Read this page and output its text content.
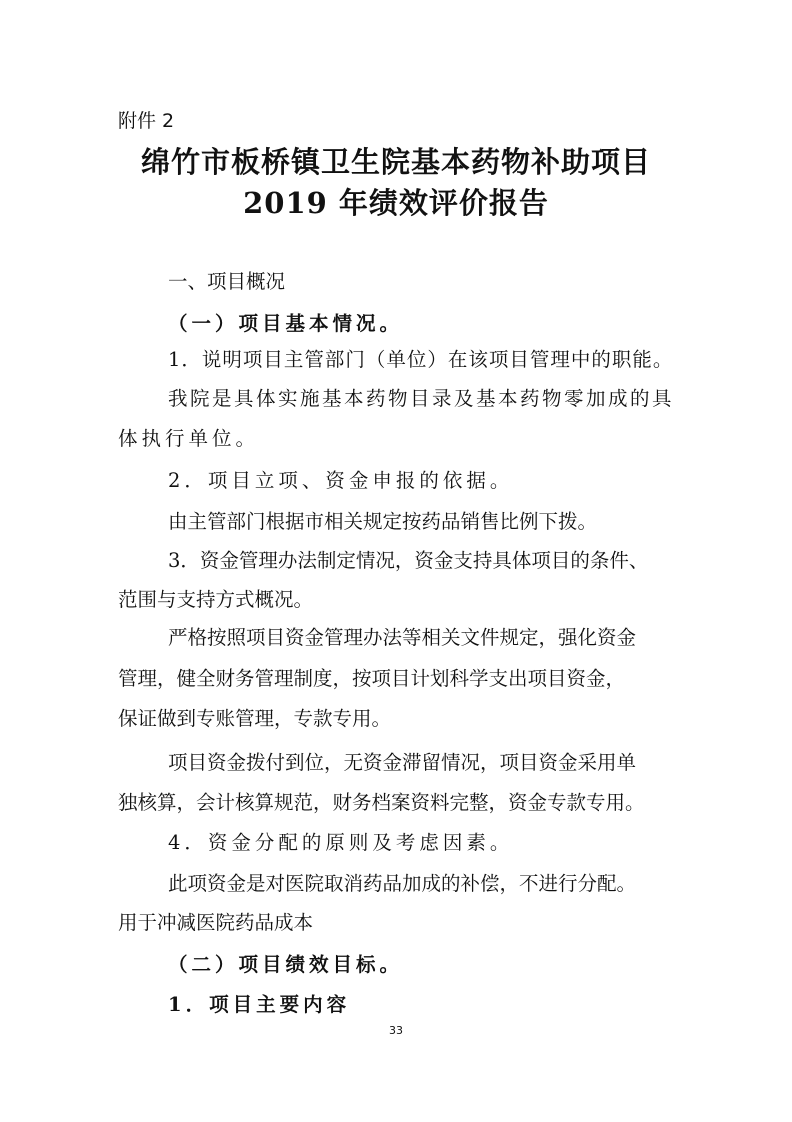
附件 2
绵竹市板桥镇卫生院基本药物补助项目
2019 年绩效评价报告
一、项目概况
（一）项目基本情况。
1．说明项目主管部门（单位）在该项目管理中的职能。
我院是具体实施基本药物目录及基本药物零加成的具
体执行单位。
2．项目立项、资金申报的依据。
由主管部门根据市相关规定按药品销售比例下拨。
3．资金管理办法制定情况，资金支持具体项目的条件、
范围与支持方式概况。
严格按照项目资金管理办法等相关文件规定，强化资金
管理，健全财务管理制度，按项目计划科学支出项目资金，
保证做到专账管理，专款专用。
项目资金拨付到位，无资金滞留情况，项目资金采用单
独核算，会计核算规范，财务档案资料完整，资金专款专用。
4．资金分配的原则及考虑因素。
此项资金是对医院取消药品加成的补偿，不进行分配。
用于冲减医院药品成本
（二）项目绩效目标。
1．项目主要内容
33
